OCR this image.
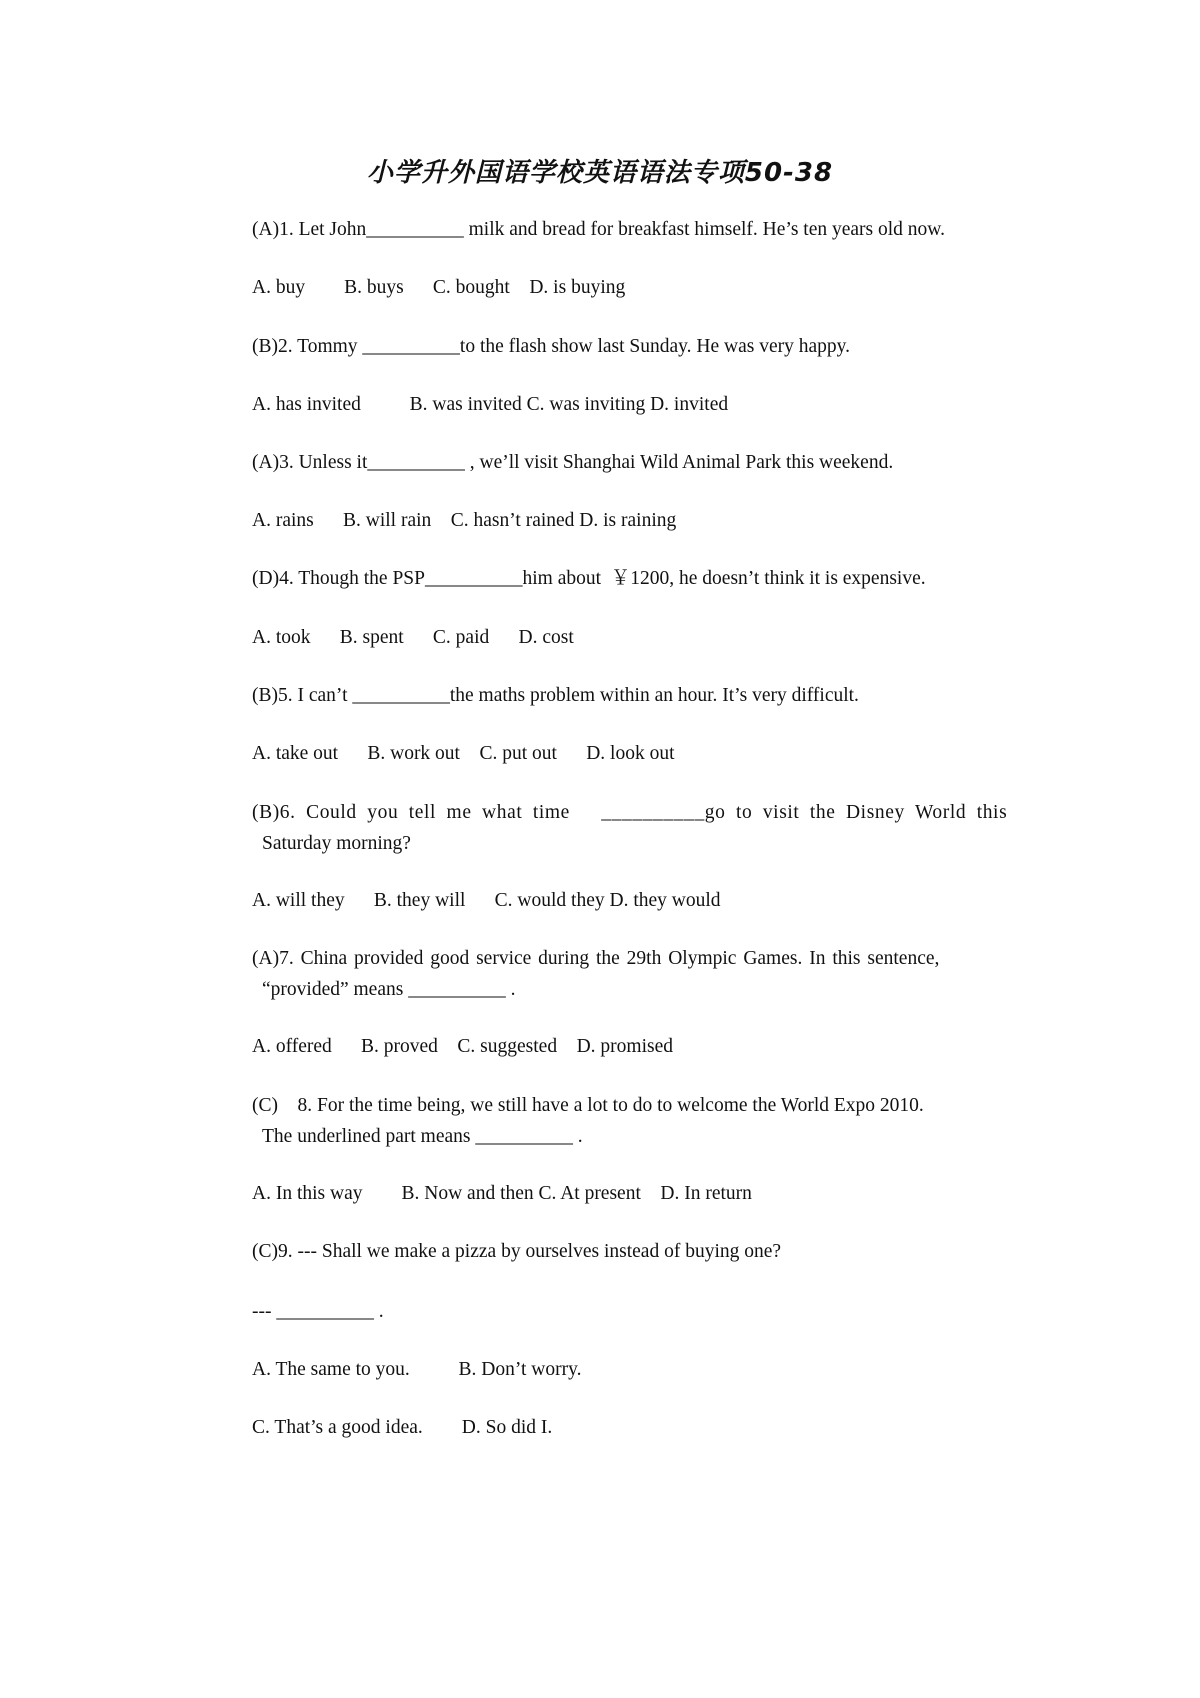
小学升外国语学校英语语法专项50-38
(A)1. Let John__________ milk and bread for breakfast himself. He’s ten years old now.
A. buy        B. buys      C. bought    D. is buying
(B)2. Tommy __________to the flash show last Sunday. He was very happy.
A. has invited          B. was invited C. was inviting D. invited
(A)3. Unless it__________ , we’ll visit Shanghai Wild Animal Park this weekend.
A. rains      B. will rain    C. hasn’t rained D. is raining
(D)4. Though the PSP__________him about  ￥1200, he doesn’t think it is expensive.
A. took      B. spent      C. paid      D. cost
(B)5. I can’t __________the maths problem within an hour. It’s very difficult.
A. take out      B. work out    C. put out      D. look out
(B)6. Could you tell me what time   __________go to visit the Disney World this
Saturday morning?
A. will they      B. they will      C. would they D. they would
(A)7. China provided good service during the 29th Olympic Games. In this sentence,
“provided” means __________ .
A. offered      B. proved    C. suggested    D. promised
(C)    8. For the time being, we still have a lot to do to welcome the World Expo 2010.
The underlined part means __________ .
A. In this way        B. Now and then C. At present    D. In return
(C)9. --- Shall we make a pizza by ourselves instead of buying one?
--- __________ .
A. The same to you.          B. Don’t worry.
C. That’s a good idea.        D. So did I.
